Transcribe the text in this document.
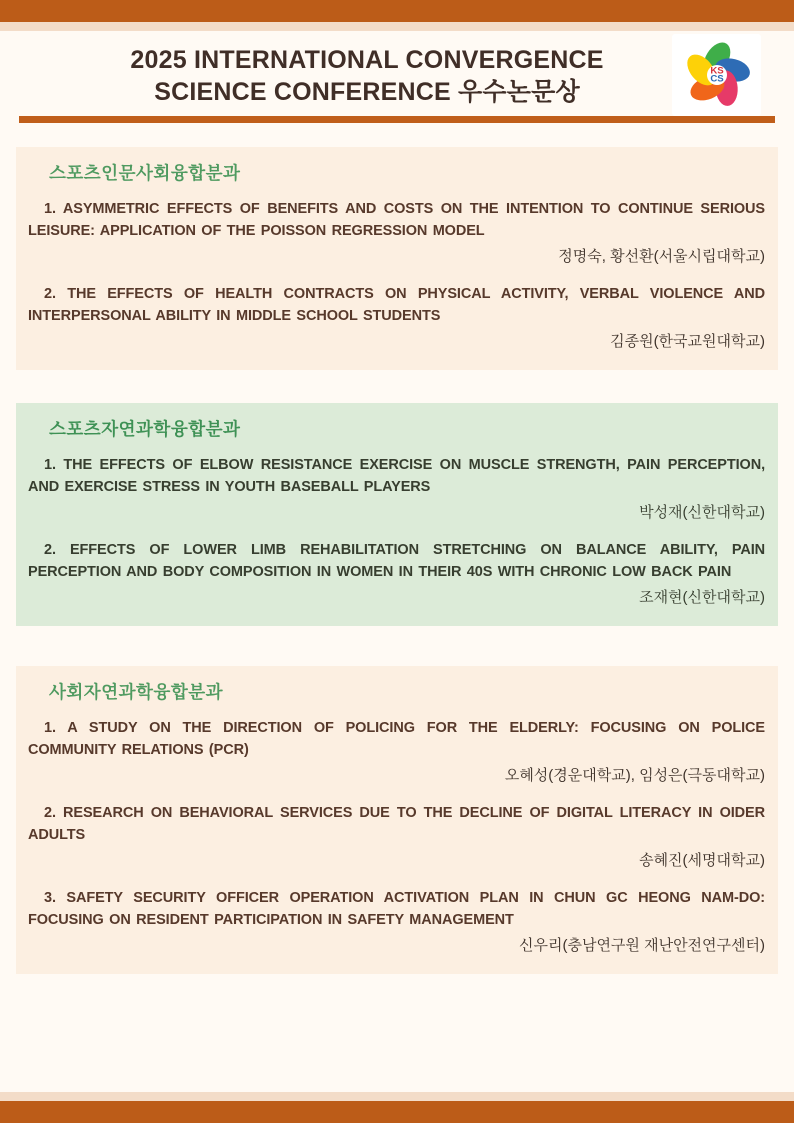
2025 INTERNATIONAL CONVERGENCE
SCIENCE CONFERENCE 우수논문상
KS
CS
스포츠인문사회융합분과

1. ASYMMETRIC EFFECTS OF BENEFITS AND COSTS ON THE INTENTION TO CONTINUE SERIOUS LEISURE: APPLICATION OF THE POISSON REGRESSION MODEL

정명숙, 황선환(서울시립대학교)

2. THE EFFECTS OF HEALTH CONTRACTS ON PHYSICAL ACTIVITY, VERBAL VIOLENCE AND INTERPERSONAL ABILITY IN MIDDLE SCHOOL STUDENTS

김종원(한국교원대학교)

스포츠자연과학융합분과

1. THE EFFECTS OF ELBOW RESISTANCE EXERCISE ON MUSCLE STRENGTH, PAIN PERCEPTION, AND EXERCISE STRESS IN YOUTH BASEBALL PLAYERS

박성재(신한대학교)

2. EFFECTS OF LOWER LIMB REHABILITATION STRETCHING ON BALANCE ABILITY, PAIN PERCEPTION AND BODY COMPOSITION IN WOMEN IN THEIR 40S WITH CHRONIC LOW BACK PAIN

조재현(신한대학교)

사회자연과학융합분과

1. A STUDY ON THE DIRECTION OF POLICING FOR THE ELDERLY: FOCUSING ON POLICE COMMUNITY RELATIONS (PCR)

오혜성(경운대학교), 임성은(극동대학교)

2. RESEARCH ON BEHAVIORAL SERVICES DUE TO THE DECLINE OF DIGITAL LITERACY IN OIDER ADULTS

송혜진(세명대학교)

3. SAFETY SECURITY OFFICER OPERATION ACTIVATION PLAN IN CHUN GC HEONG NAM-DO: FOCUSING ON RESIDENT PARTICIPATION IN SAFETY MANAGEMENT

신우리(충남연구원 재난안전연구센터)
